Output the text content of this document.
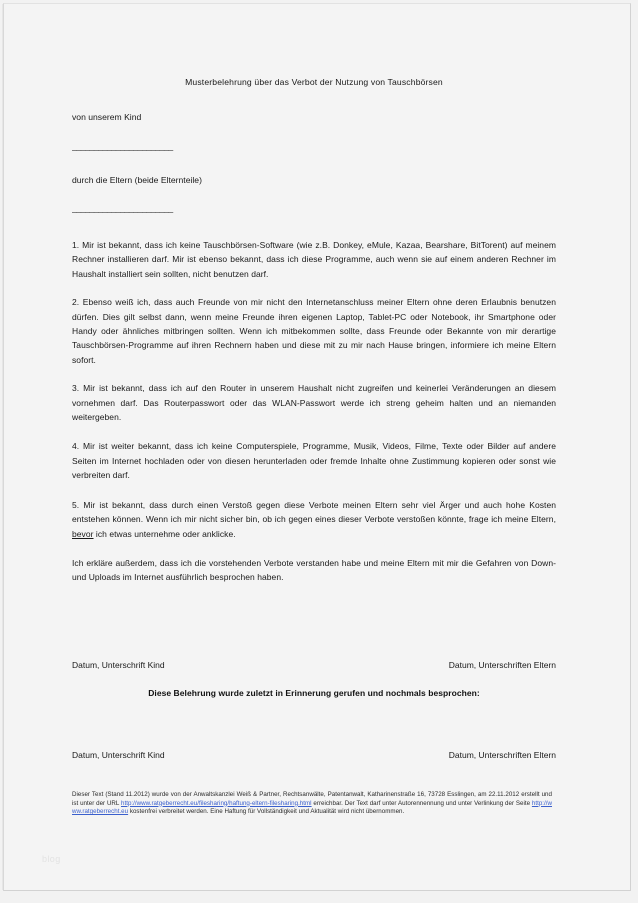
Musterbelehrung über das Verbot der Nutzung von Tauschbörsen
von unserem Kind
_______________________
durch die Eltern (beide Elternteile)
_______________________

1. Mir ist bekannt, dass ich keine Tauschbörsen-Software (wie z.B. Donkey, eMule, Kazaa, Bearshare, BitTorent) auf meinem Rechner installieren darf. Mir ist ebenso bekannt, dass ich diese Programme, auch wenn sie auf einem anderen Rechner im Haushalt installiert sein sollten, nicht benutzen darf.

2. Ebenso weiß ich, dass auch Freunde von mir nicht den Internetanschluss meiner Eltern ohne deren Erlaubnis benutzen dürfen. Dies gilt selbst dann, wenn meine Freunde ihren eigenen Laptop, Tablet-PC oder Notebook, ihr Smartphone oder Handy oder ähnliches mitbringen sollten. Wenn ich mitbekommen sollte, dass Freunde oder Bekannte von mir derartige Tauschbörsen-Programme auf ihren Rechnern haben und diese mit zu mir nach Hause bringen, informiere ich meine Eltern sofort.

3. Mir ist bekannt, dass ich auf den Router in unserem Haushalt nicht zugreifen und keinerlei Veränderungen an diesem vornehmen darf. Das Routerpasswort oder das WLAN-Passwort werde ich streng geheim halten und an niemanden weitergeben.

4. Mir ist weiter bekannt, dass ich keine Computerspiele, Programme, Musik, Videos, Filme, Texte oder Bilder auf andere Seiten im Internet hochladen oder von diesen herunterladen oder fremde Inhalte ohne Zustimmung kopieren oder sonst wie verbreiten darf.

5. Mir ist bekannt, dass durch einen Verstoß gegen diese Verbote meinen Eltern sehr viel Ärger und auch hohe Kosten entstehen können. Wenn ich mir nicht sicher bin, ob ich gegen eines dieser Verbote verstoßen könnte, frage ich meine Eltern, bevor ich etwas unternehme oder anklicke.

Ich erkläre außerdem, dass ich die vorstehenden Verbote verstanden habe und meine Eltern mit mir die Gefahren von Down- und Uploads im Internet ausführlich besprochen haben.

Datum, Unterschrift Kind	Datum, Unterschriften Eltern
Diese Belehrung wurde zuletzt in Erinnerung gerufen und nochmals besprochen:
Datum, Unterschrift Kind	Datum, Unterschriften Eltern
Dieser Text (Stand 11.2012) wurde von der Anwaltskanzlei Weiß & Partner, Rechtsanwälte, Patentanwalt, Katharinenstraße 16, 73728 Esslingen, am 22.11.2012 erstellt und ist unter der URL http://www.ratgeberrecht.eu/filesharing/haftung-eltern-filesharing.html erreichbar. Der Text darf unter Autorennennung und unter Verlinkung der Seite http://www.ratgeberrecht.eu kostenfrei verbreitet werden. Eine Haftung für Vollständigkeit und Aktualität wird nicht übernommen.
blog
